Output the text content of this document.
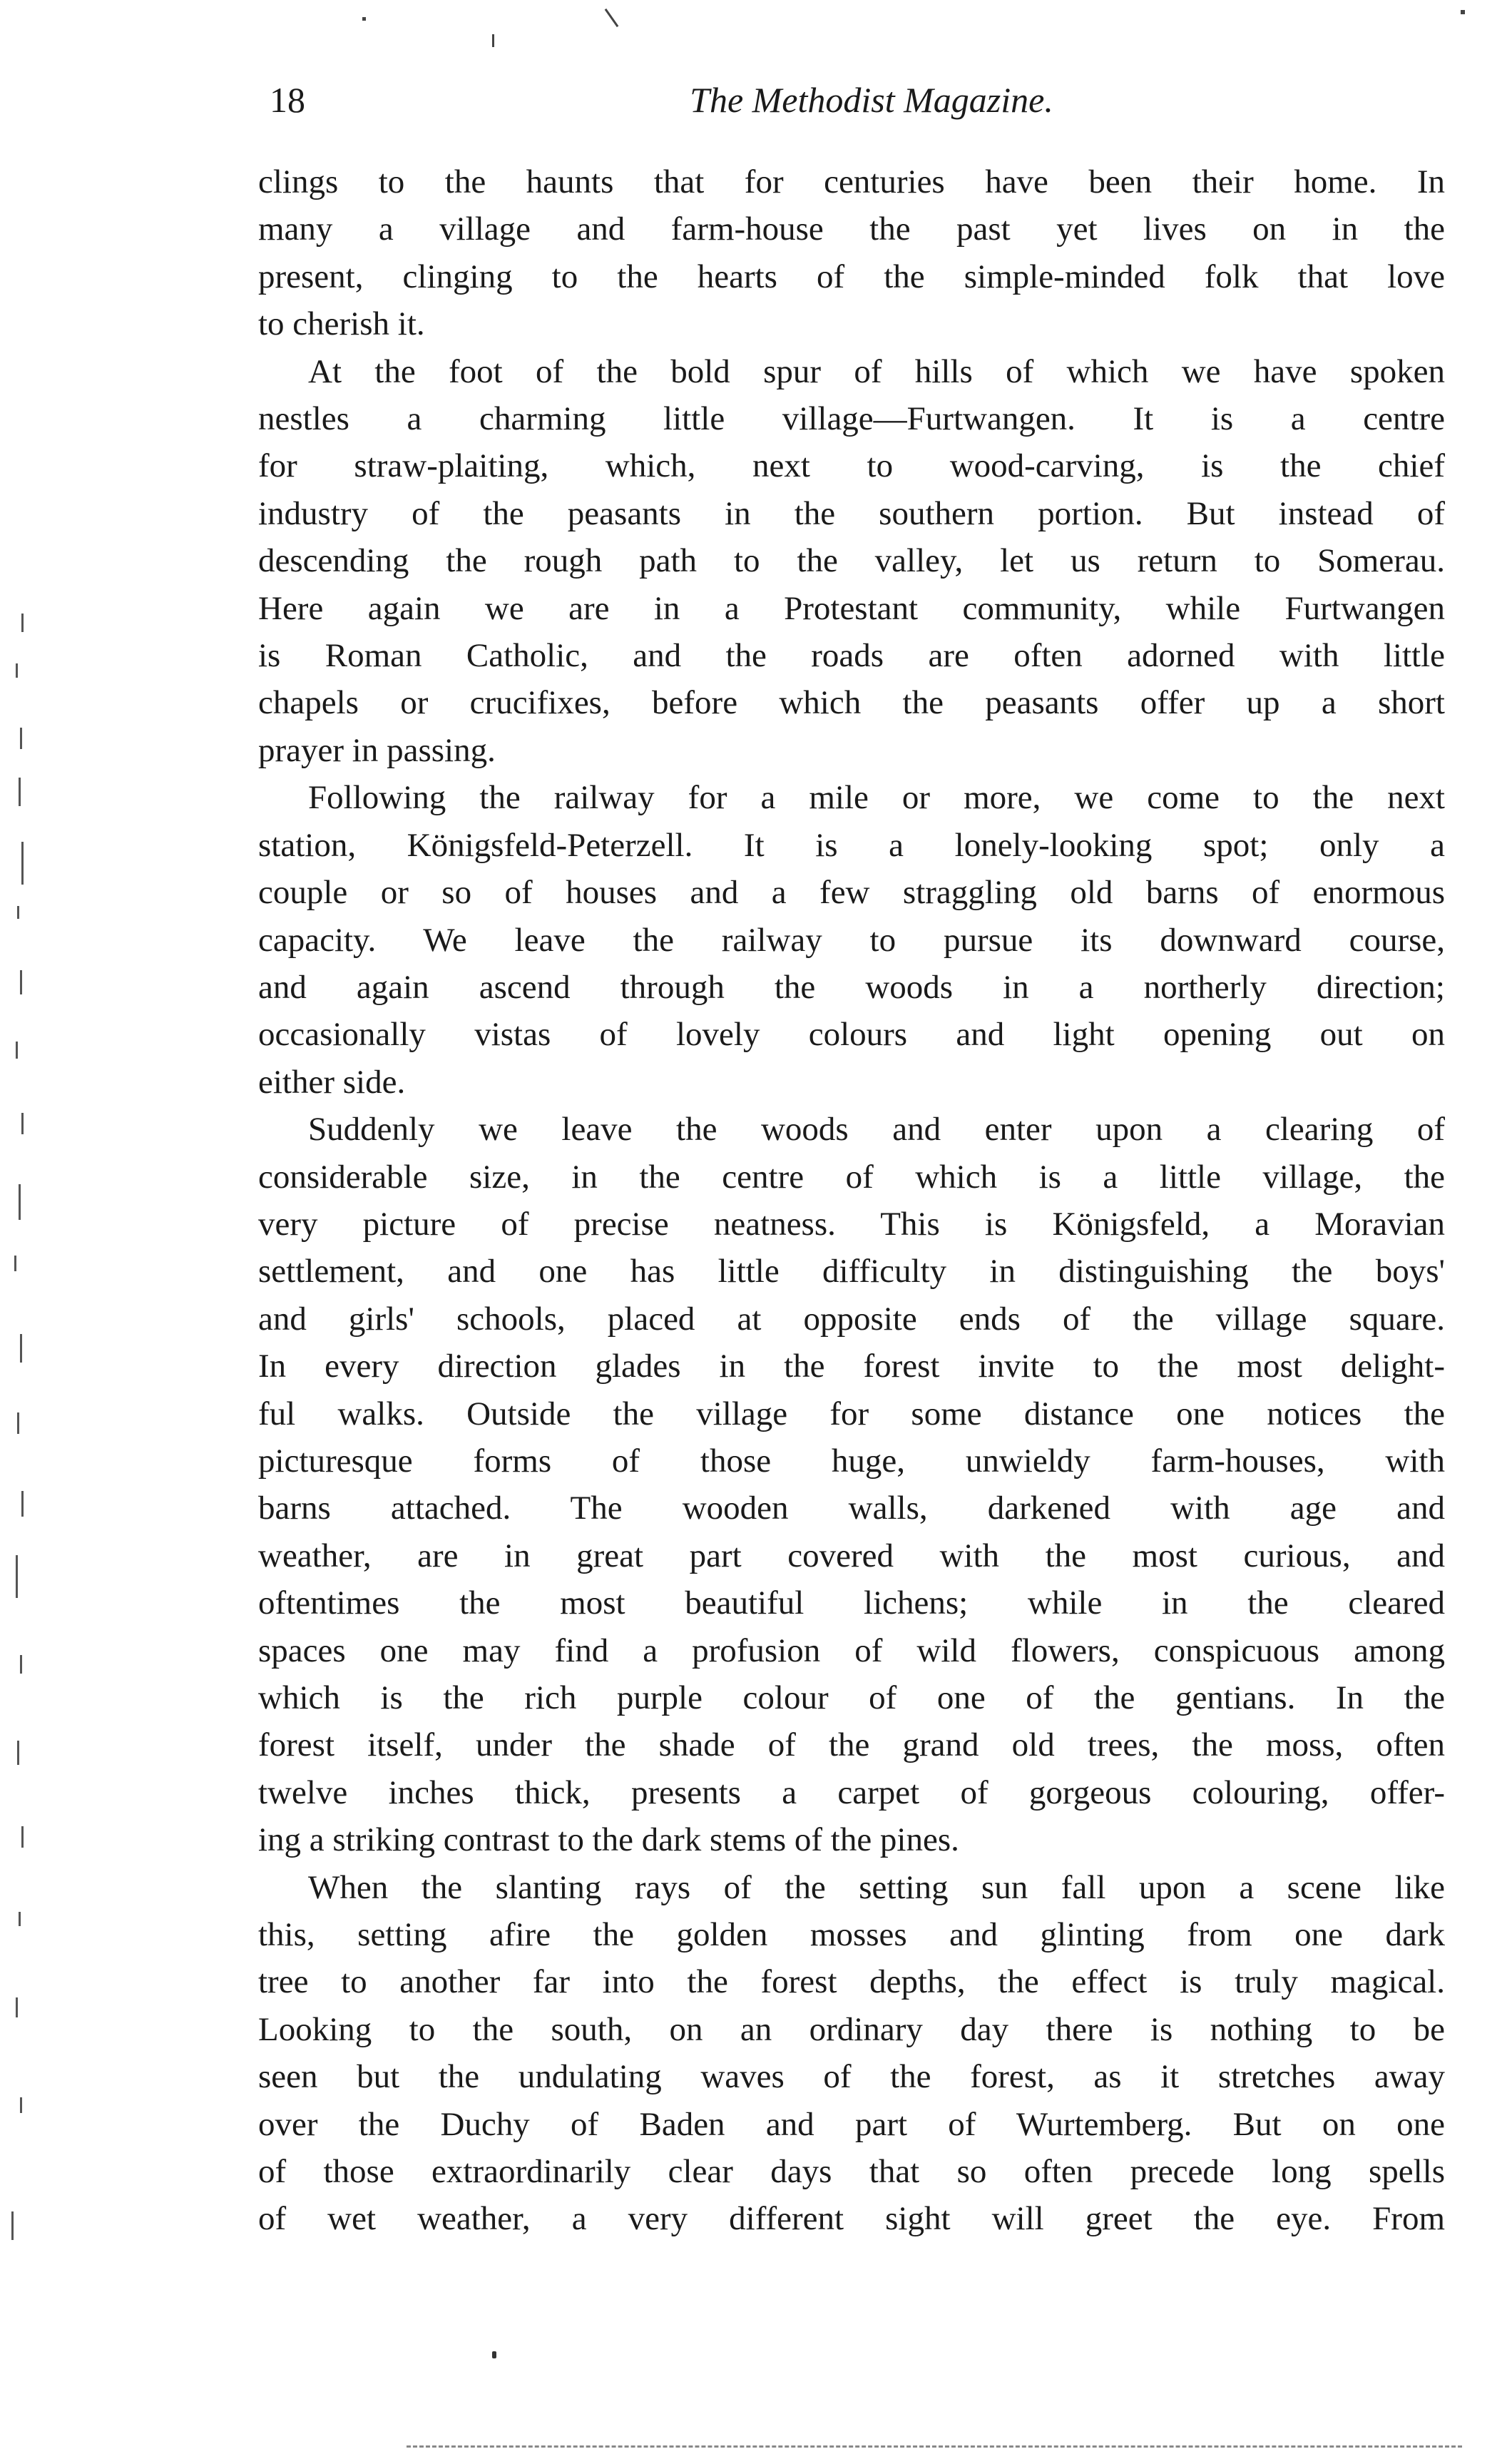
18	The Methodist Magazine.

clings to the haunts that for centuries have been their home. In

many a village and farm-house the past yet lives on in the

present, clinging to the hearts of the simple-minded folk that love

to cherish it.

At the foot of the bold spur of hills of which we have spoken

nestles a charming little village—Furtwangen. It is a centre

for straw-plaiting, which, next to wood-carving, is the chief

industry of the peasants in the southern portion. But instead of

descending the rough path to the valley, let us return to Somerau.

Here again we are in a Protestant community, while Furtwangen

is Roman Catholic, and the roads are often adorned with little

chapels or crucifixes, before which the peasants offer up a short

prayer in passing.

Following the railway for a mile or more, we come to the next

station, Königsfeld-Peterzell. It is a lonely-looking spot; only a

couple or so of houses and a few straggling old barns of enormous

capacity. We leave the railway to pursue its downward course,

and again ascend through the woods in a northerly direction;

occasionally vistas of lovely colours and light opening out on

either side.

Suddenly we leave the woods and enter upon a clearing of

considerable size, in the centre of which is a little village, the

very picture of precise neatness. This is Königsfeld, a Moravian

settlement, and one has little difficulty in distinguishing the boys'

and girls' schools, placed at opposite ends of the village square.

In every direction glades in the forest invite to the most delight-

ful walks. Outside the village for some distance one notices the

picturesque forms of those huge, unwieldy farm-houses, with

barns attached. The wooden walls, darkened with age and

weather, are in great part covered with the most curious, and

oftentimes the most beautiful lichens; while in the cleared

spaces one may find a profusion of wild flowers, conspicuous among

which is the rich purple colour of one of the gentians. In the

forest itself, under the shade of the grand old trees, the moss, often

twelve inches thick, presents a carpet of gorgeous colouring, offer-

ing a striking contrast to the dark stems of the pines.

When the slanting rays of the setting sun fall upon a scene like

this, setting afire the golden mosses and glinting from one dark

tree to another far into the forest depths, the effect is truly magical.

Looking to the south, on an ordinary day there is nothing to be

seen but the undulating waves of the forest, as it stretches away

over the Duchy of Baden and part of Wurtemberg. But on one

of those extraordinarily clear days that so often precede long spells

of wet weather, a very different sight will greet the eye. From
